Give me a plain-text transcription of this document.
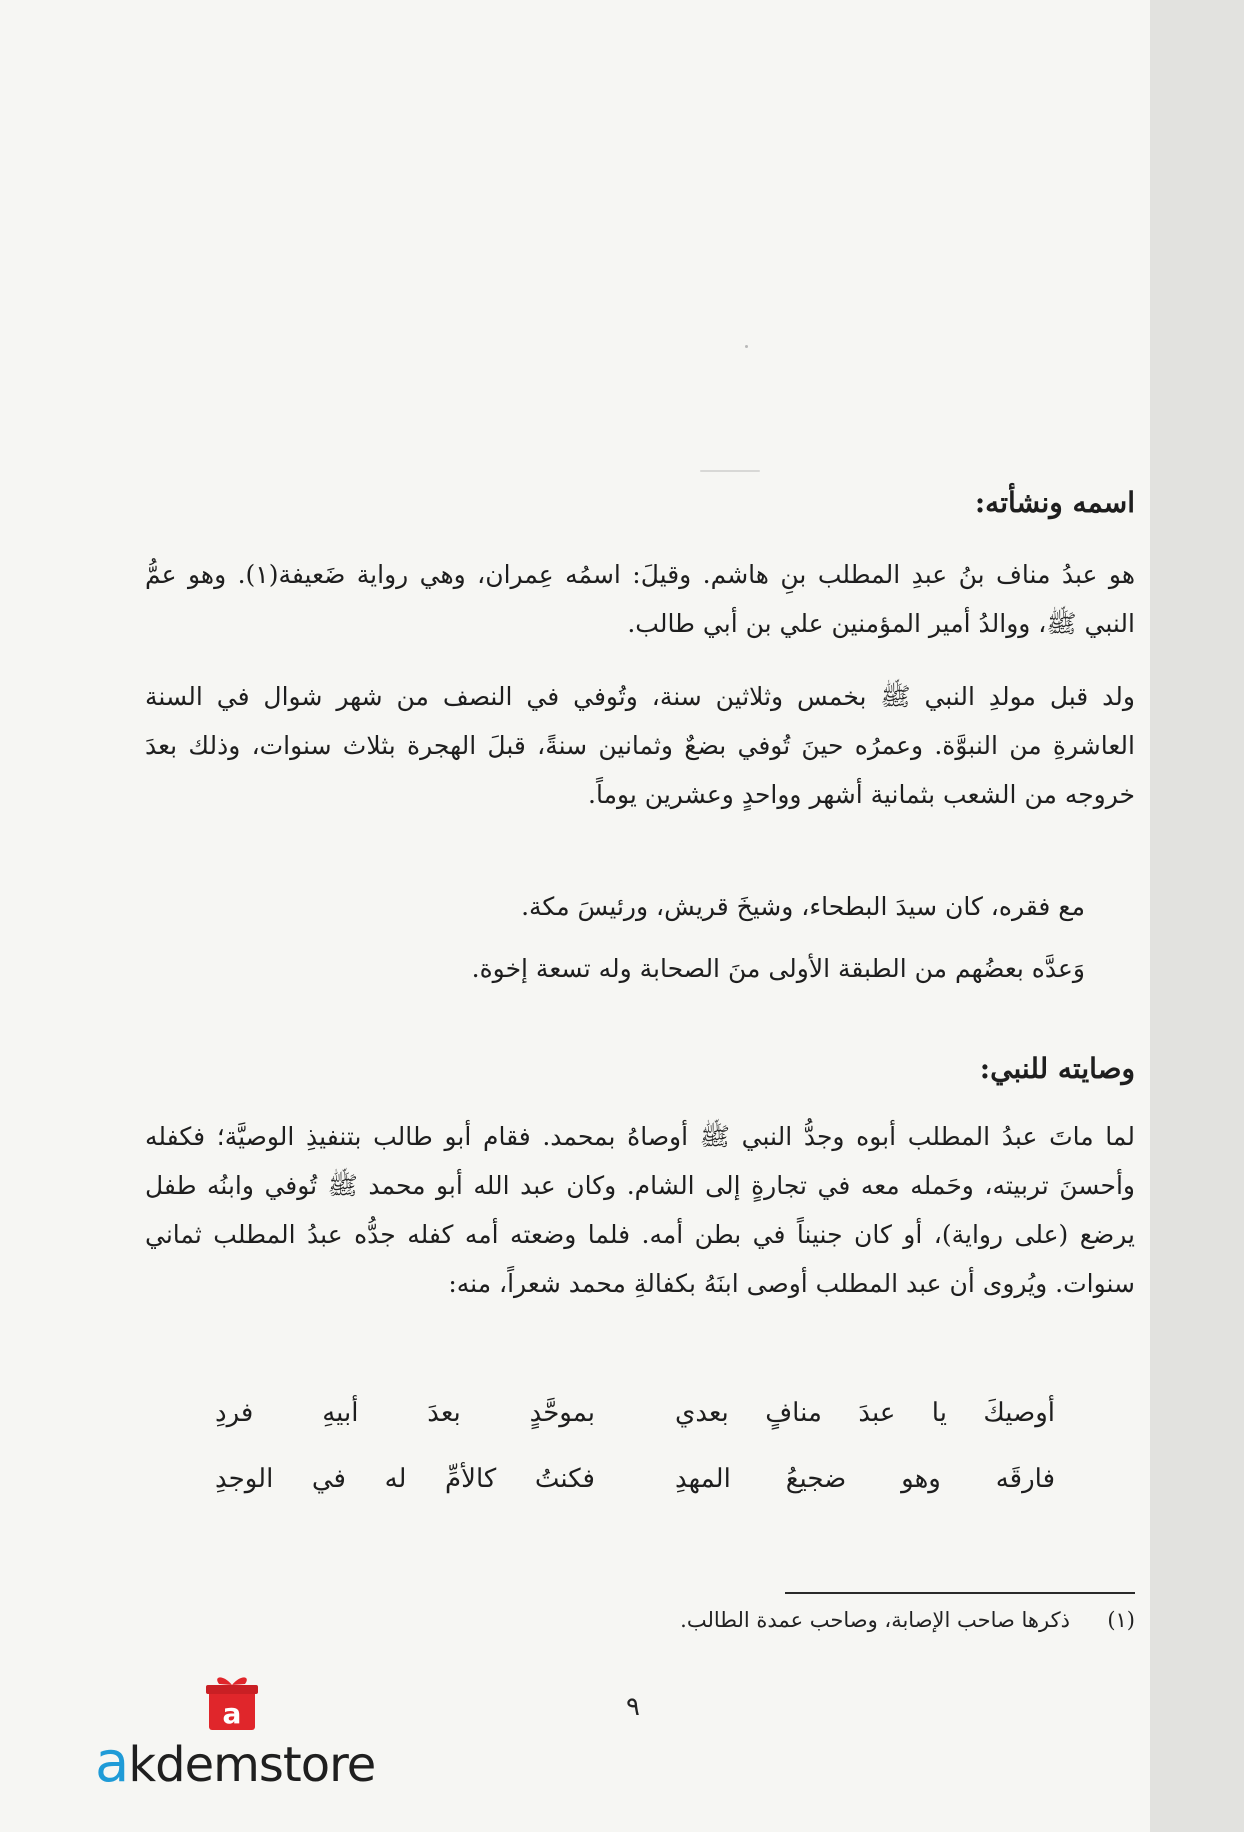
اسمه ونشأته:
هو عبدُ مناف بنُ عبدِ المطلب بنِ هاشم. وقيلَ: اسمُه عِمران، وهي رواية ضَعيفة(١). وهو عمُّ النبي ﷺ، ووالدُ أمير المؤمنين علي بن أبي طالب.
ولد قبل مولدِ النبي ﷺ بخمس وثلاثين سنة، وتُوفي في النصف من شهر شوال في السنة العاشرةِ من النبوَّة. وعمرُه حينَ تُوفي بضعٌ وثمانين سنةً، قبلَ الهجرة بثلاث سنوات، وذلك بعدَ خروجه من الشعب بثمانية أشهر وواحدٍ وعشرين يوماً.
مع فقره، كان سيدَ البطحاء، وشيخَ قريش، ورئيسَ مكة.
وَعدَّه بعضُهم من الطبقة الأولى منَ الصحابة وله تسعة إخوة.
وصايته للنبي:
لما ماتَ عبدُ المطلب أبوه وجدُّ النبي ﷺ أوصاهُ بمحمد. فقام أبو طالب بتنفيذِ الوصيَّة؛ فكفله وأحسنَ تربيته، وحَمله معه في تجارةٍ إلى الشام. وكان عبد الله أبو محمد ﷺ تُوفي وابنُه طفل يرضع (على رواية)، أو كان جنيناً في بطن أمه. فلما وضعته أمه كفله جدُّه عبدُ المطلب ثماني سنوات. ويُروى أن عبد المطلب أوصى ابنَهُ بكفالةِ محمد شعراً، منه:
أوصيكَ يا عبدَ منافٍ بعدي
بموحَّدٍ بعدَ أبيهِ فردِ
فارقَه وهو ضجيعُ المهدِ
فكنتُ كالأمِّ له في الوجدِ
(١)  ذكرها صاحب الإصابة، وصاحب عمدة الطالب.
٩
a
akdemstore
